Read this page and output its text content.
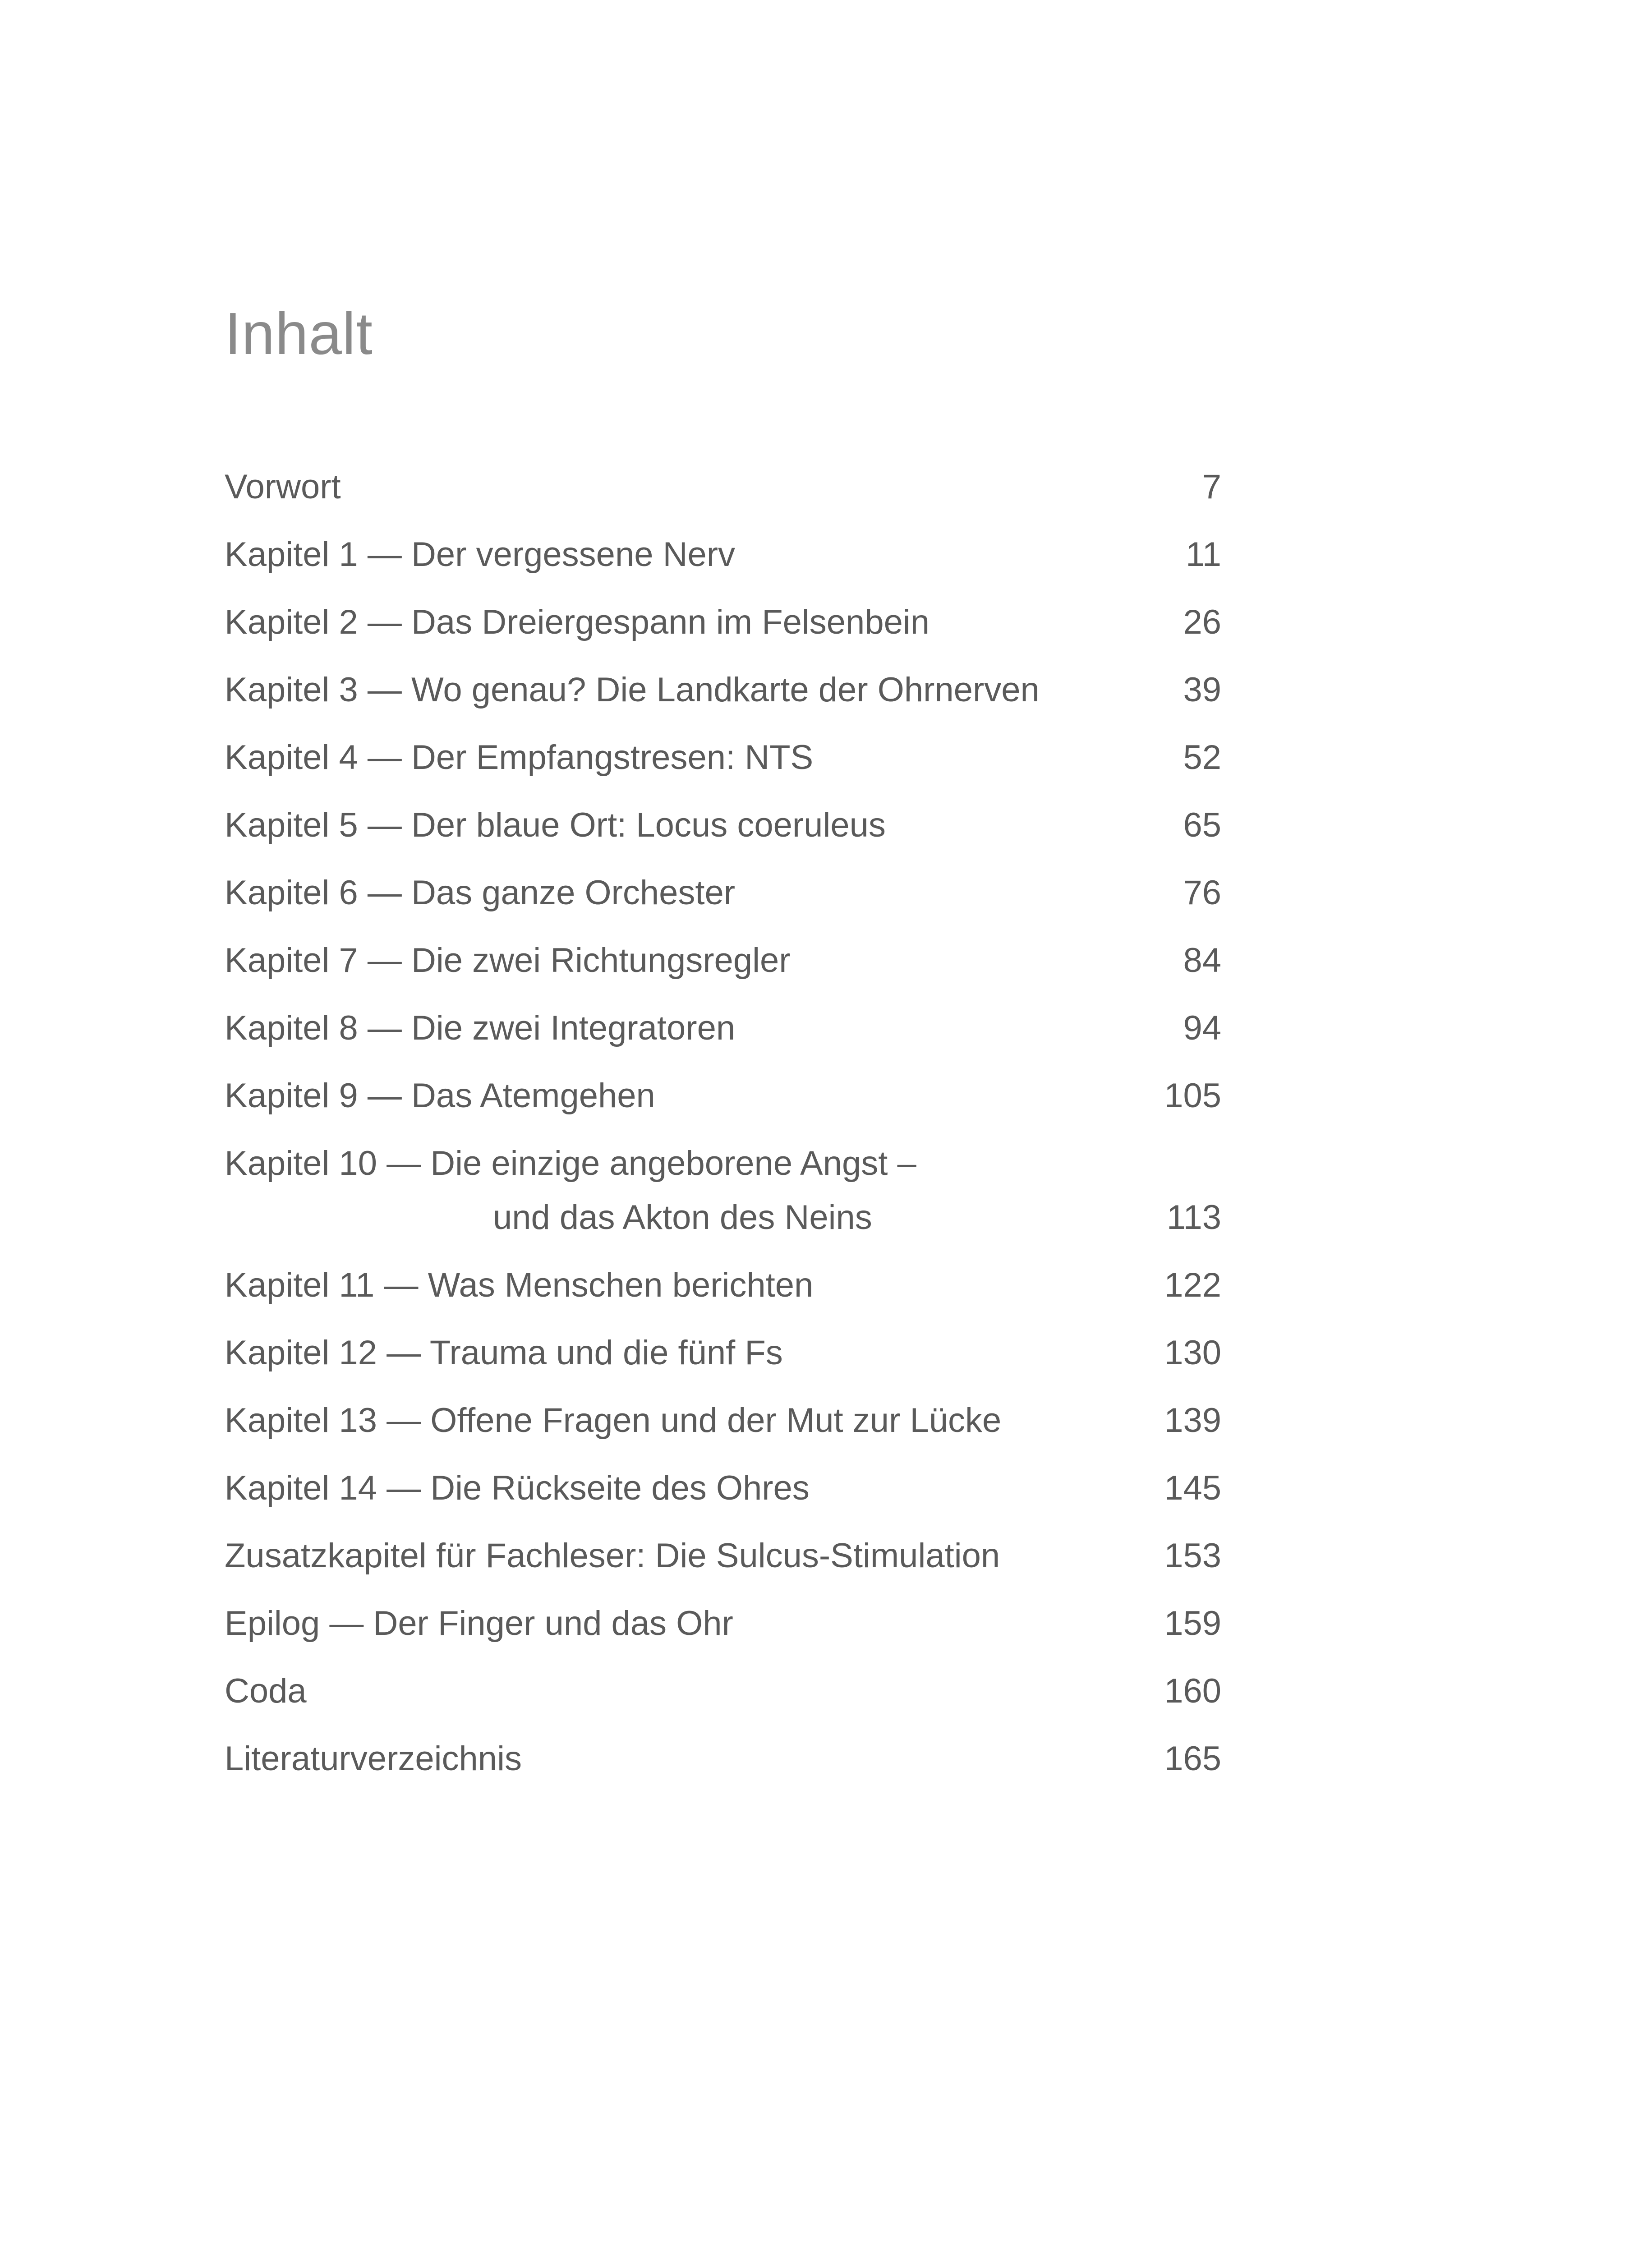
Inhalt
Vorwort	7
Kapitel 1 — Der vergessene Nerv	11
Kapitel 2 — Das Dreiergespann im Felsenbein	26
Kapitel 3 — Wo genau? Die Landkarte der Ohrnerven	39
Kapitel 4 — Der Empfangstresen: NTS	52
Kapitel 5 — Der blaue Ort: Locus coeruleus	65
Kapitel 6 — Das ganze Orchester	76
Kapitel 7 — Die zwei Richtungsregler	84
Kapitel 8 — Die zwei Integratoren	94
Kapitel 9 — Das Atemgehen	105
Kapitel 10 — Die einzige angeborene Angst –
und das Akton des Neins	113
Kapitel 11 — Was Menschen berichten	122
Kapitel 12 — Trauma und die fünf Fs	130
Kapitel 13 — Offene Fragen und der Mut zur Lücke	139
Kapitel 14 — Die Rückseite des Ohres	145
Zusatzkapitel für Fachleser: Die Sulcus-Stimulation	153
Epilog — Der Finger und das Ohr	159
Coda	160
Literaturverzeichnis	165
